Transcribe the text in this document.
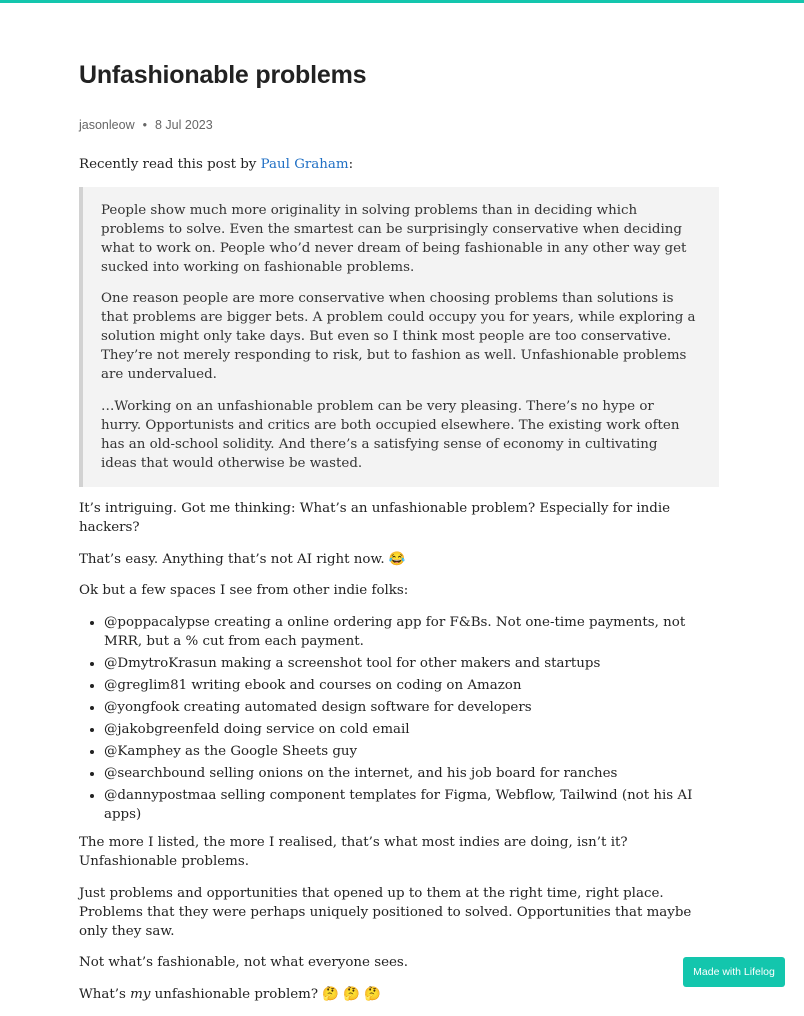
Unfashionable problems
jasonleow • 8 Jul 2023

Recently read this post by Paul Graham:

People show much more originality in solving problems than in deciding which problems to solve. Even the smartest can be surprisingly conservative when deciding what to work on. People who’d never dream of being fashionable in any other way get sucked into working on fashionable problems.

One reason people are more conservative when choosing problems than solutions is that problems are bigger bets. A problem could occupy you for years, while exploring a solution might only take days. But even so I think most people are too conservative. They’re not merely responding to risk, but to fashion as well. Unfashionable problems are undervalued.

…Working on an unfashionable problem can be very pleasing. There’s no hype or hurry. Opportunists and critics are both occupied elsewhere. The existing work often has an old-school solidity. And there’s a satisfying sense of economy in cultivating ideas that would otherwise be wasted.

It’s intriguing. Got me thinking: What’s an unfashionable problem? Especially for indie hackers?

That’s easy. Anything that’s not AI right now. 😂

Ok but a few spaces I see from other indie folks:

• @poppacalypse creating a online ordering app for F&Bs. Not one-time payments, not MRR, but a % cut from each payment.
• @DmytroKrasun making a screenshot tool for other makers and startups
• @greglim81 writing ebook and courses on coding on Amazon
• @yongfook creating automated design software for developers
• @jakobgreenfeld doing service on cold email
• @Kamphey as the Google Sheets guy
• @searchbound selling onions on the internet, and his job board for ranches
• @dannypostmaa selling component templates for Figma, Webflow, Tailwind (not his AI apps)

The more I listed, the more I realised, that’s what most indies are doing, isn’t it? Unfashionable problems.

Just problems and opportunities that opened up to them at the right time, right place. Problems that they were perhaps uniquely positioned to solved. Opportunities that maybe only they saw.

Not what’s fashionable, not what everyone sees.

What’s my unfashionable problem? 🤔 🤔 🤔

Made with Lifelog
